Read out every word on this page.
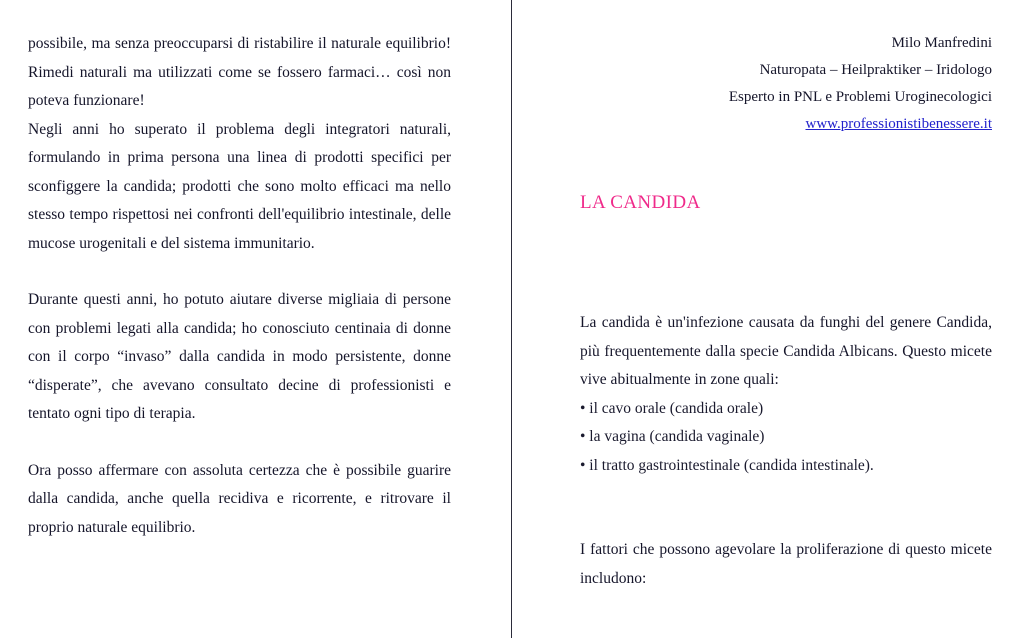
possibile, ma senza preoccuparsi di ristabilire il naturale equilibrio! Rimedi naturali ma utilizzati come se fossero farmaci… così non poteva funzionare!

Negli anni ho superato il problema degli integratori naturali, formulando in prima persona una linea di prodotti specifici per sconfiggere la candida; prodotti che sono molto efficaci ma nello stesso tempo rispettosi nei confronti dell'equilibrio intestinale, delle mucose urogenitali e del sistema immunitario.

Durante questi anni, ho potuto aiutare diverse migliaia di persone con problemi legati alla candida; ho conosciuto centinaia di donne con il corpo “invaso” dalla candida in modo persistente, donne “disperate”, che avevano consultato decine di professionisti e tentato ogni tipo di terapia.

Ora posso affermare con assoluta certezza che è possibile guarire dalla candida, anche quella recidiva e ricorrente, e ritrovare il proprio naturale equilibrio.

Milo Manfredini
Naturopata – Heilpraktiker – Iridologo
Esperto in PNL e Problemi Uroginecologici
www.professionistibenessere.it
LA CANDIDA

La candida è un'infezione causata da funghi del genere Candida, più frequentemente dalla specie Candida Albicans. Questo micete vive abitualmente in zone quali:

• il cavo orale (candida orale)
• la vagina (candida vaginale)
• il tratto gastrointestinale (candida intestinale).

I fattori che possono agevolare la proliferazione di questo micete includono:
